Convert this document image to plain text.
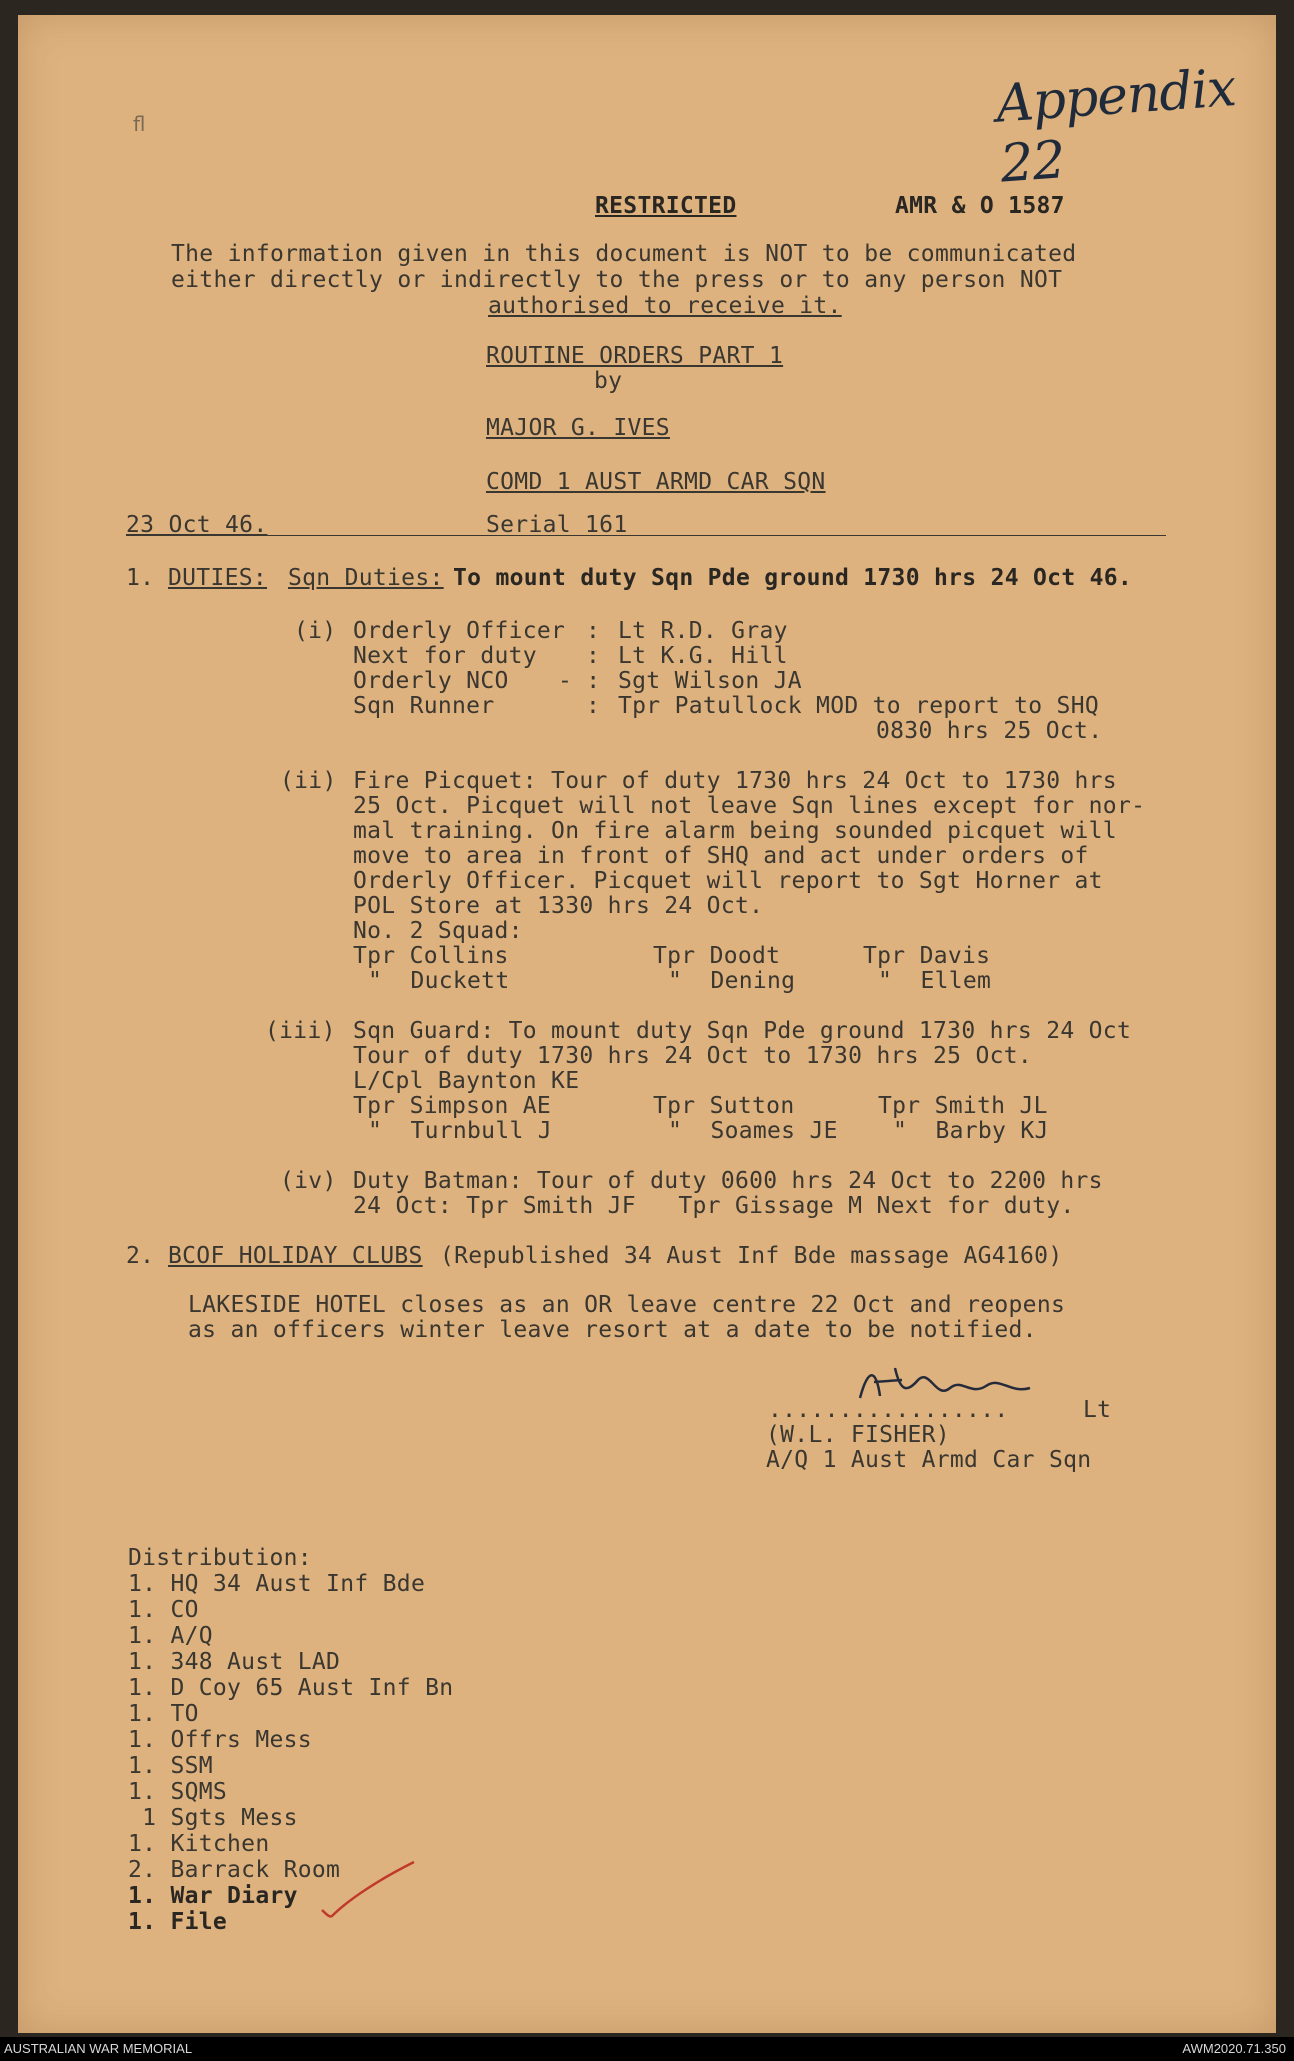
Appendix 22
ﬂ
RESTRICTED	AMR & O 1587
The information given in this document is NOT to be communicated
either directly or indirectly to the press or to any person NOT
authorised to receive it.
ROUTINE ORDERS PART 1
by
MAJOR G. IVES
COMD 1 AUST ARMD CAR SQN
23 Oct 46.	Serial 161
1. DUTIES: Sqn Duties: To mount duty Sqn Pde ground 1730 hrs 24 Oct 46.
(i) Orderly Officer : Lt R.D. Gray
Next for duty : Lt K.G. Hill
Orderly NCO - : Sgt Wilson JA
Sqn Runner	: Tpr Patullock MOD to report to SHQ
0830 hrs 25 Oct.
(ii) Fire Picquet: Tour of duty 1730 hrs 24 Oct to 1730 hrs
25 Oct. Picquet will not leave Sqn lines except for nor-
mal training. On fire alarm being sounded picquet will
move to area in front of SHQ and act under orders of
Orderly Officer. Picquet will report to Sgt Horner at
POL Store at 1330 hrs 24 Oct.
No. 2 Squad:
Tpr Collins	Tpr Doodt	Tpr Davis
"  Duckett	"  Dening	"  Ellem
(iii) Sqn Guard: To mount duty Sqn Pde ground 1730 hrs 24 Oct
Tour of duty 1730 hrs 24 Oct to 1730 hrs 25 Oct.
L/Cpl Baynton KE
Tpr Simpson AE	Tpr Sutton	Tpr Smith JL
"  Turnbull J	"  Soames JE "  Barby KJ
(iv) Duty Batman: Tour of duty 0600 hrs 24 Oct to 2200 hrs
24 Oct: Tpr Smith JF   Tpr Gissage M Next for duty.
2. BCOF HOLIDAY CLUBS (Republished 34 Aust Inf Bde massage AG4160)
LAKESIDE HOTEL closes as an OR leave centre 22 Oct and reopens
as an officers winter leave resort at a date to be notified.
.................	Lt
(W.L. FISHER)
A/Q 1 Aust Armd Car Sqn
Distribution:
1. HQ 34 Aust Inf Bde
1. CO
1. A/Q
1. 348 Aust LAD
1. D Coy 65 Aust Inf Bn
1. TO
1. Offrs Mess
1. SSM
1. SQMS
1 Sgts Mess
1. Kitchen
2. Barrack Room
1. War Diary
1. File
AUSTRALIAN WAR MEMORIAL	AWM2020.71.350
